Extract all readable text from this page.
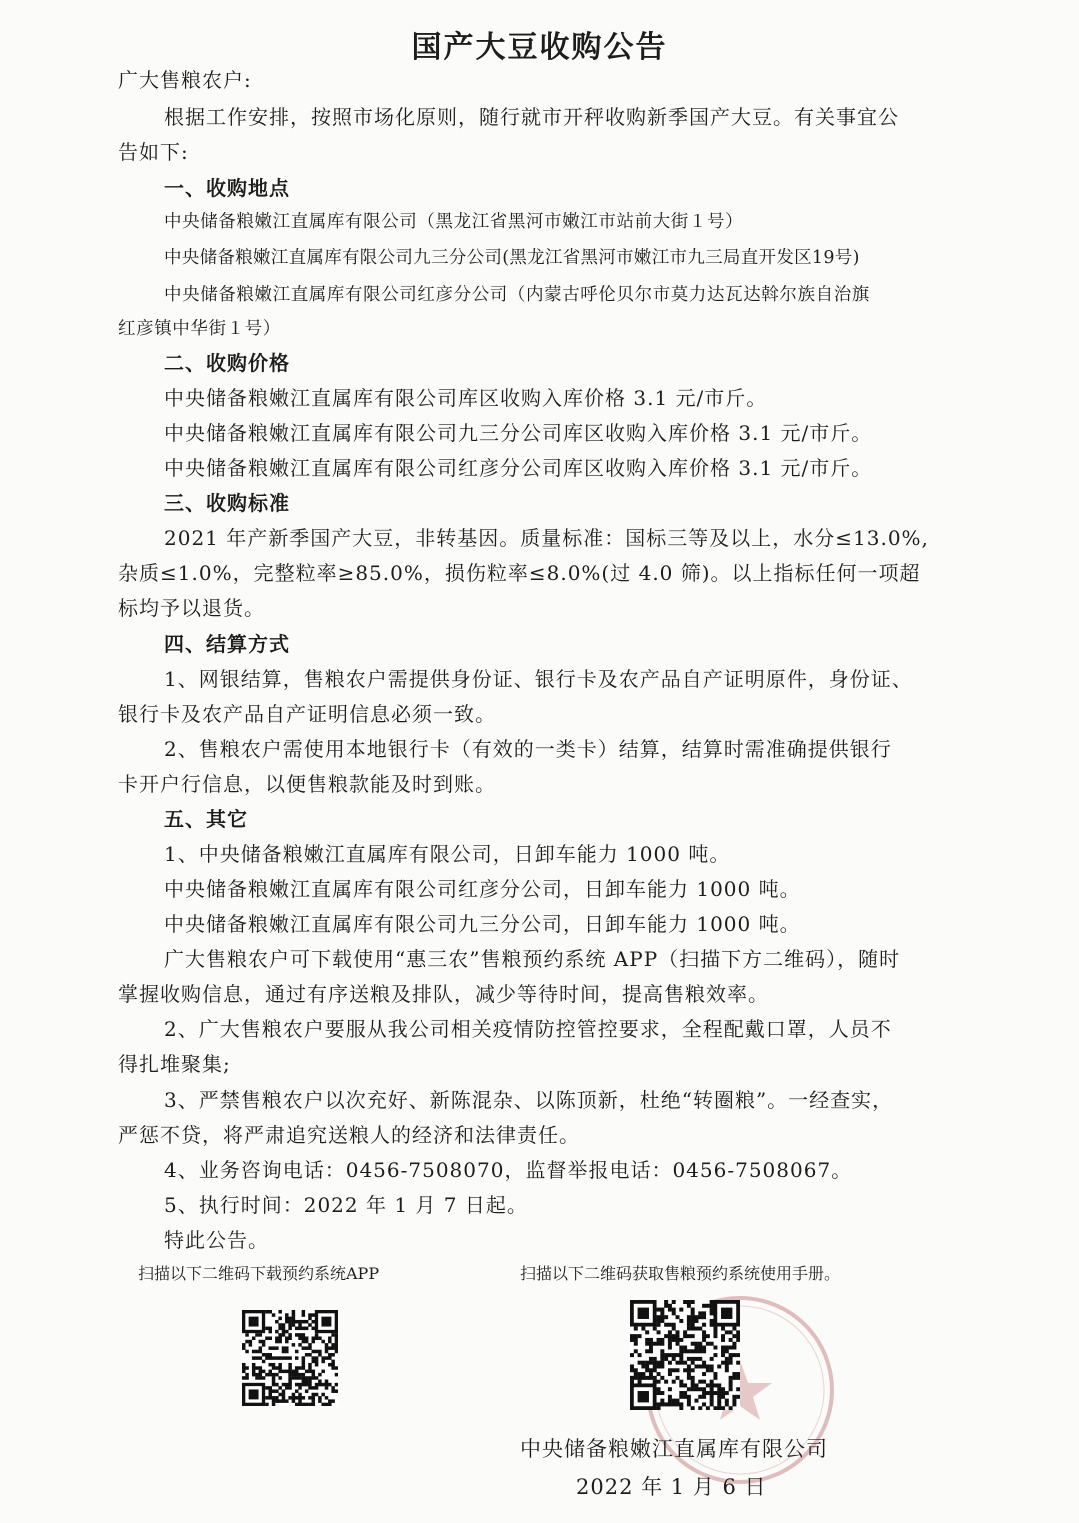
国产大豆收购公告
广大售粮农户:
根据工作安排，按照市场化原则，随行就市开秤收购新季国产大豆。有关事宜公
告如下:
一、收购地点
中央储备粮嫩江直属库有限公司（黑龙江省黑河市嫩江市站前大街１号）
中央储备粮嫩江直属库有限公司九三分公司(黑龙江省黑河市嫩江市九三局直开发区19号)
中央储备粮嫩江直属库有限公司红彦分公司（内蒙古呼伦贝尔市莫力达瓦达斡尔族自治旗
红彦镇中华街１号）
二、收购价格
中央储备粮嫩江直属库有限公司库区收购入库价格 3.1 元/市斤。
中央储备粮嫩江直属库有限公司九三分公司库区收购入库价格 3.1 元/市斤。
中央储备粮嫩江直属库有限公司红彦分公司库区收购入库价格 3.1 元/市斤。
三、收购标准
2021 年产新季国产大豆，非转基因。质量标准：国标三等及以上，水分≤13.0%,
杂质≤1.0%，完整粒率≥85.0%，损伤粒率≤8.0%(过 4.0 筛)。以上指标任何一项超
标均予以退货。
四、结算方式
1、网银结算，售粮农户需提供身份证、银行卡及农产品自产证明原件，身份证、
银行卡及农产品自产证明信息必须一致。
2、售粮农户需使用本地银行卡（有效的一类卡）结算，结算时需准确提供银行
卡开户行信息，以便售粮款能及时到账。
五、其它
1、中央储备粮嫩江直属库有限公司，日卸车能力 1000 吨。
中央储备粮嫩江直属库有限公司红彦分公司，日卸车能力 1000 吨。
中央储备粮嫩江直属库有限公司九三分公司，日卸车能力 1000 吨。
广大售粮农户可下载使用“惠三农”售粮预约系统 APP（扫描下方二维码），随时
掌握收购信息，通过有序送粮及排队，减少等待时间，提高售粮效率。
2、广大售粮农户要服从我公司相关疫情防控管控要求，全程配戴口罩，人员不
得扎堆聚集;
3、严禁售粮农户以次充好、新陈混杂、以陈顶新，杜绝“转圈粮”。一经查实，
严惩不贷，将严肃追究送粮人的经济和法律责任。
4、业务咨询电话：0456-7508070，监督举报电话：0456-7508067。
5、执行时间：2022 年 1 月 7 日起。
特此公告。
扫描以下二维码下载预约系统APP	扫描以下二维码获取售粮预约系统使用手册。
中央储备粮嫩江直属库有限公司
2022 年 1 月 6 日
